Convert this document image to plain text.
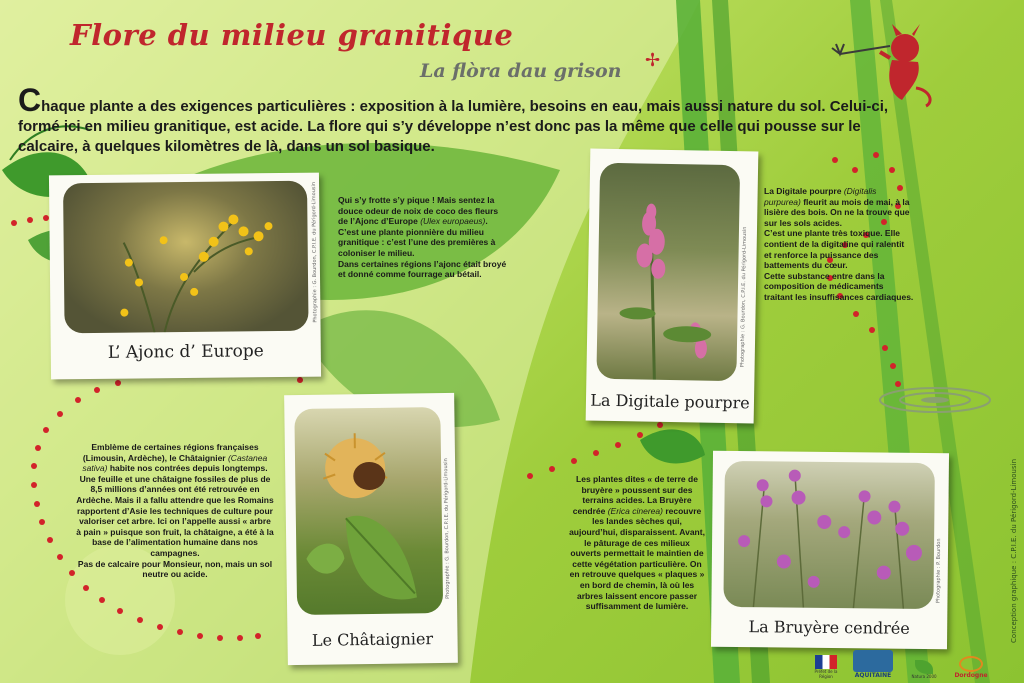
Flore du milieu granitique
La flòra dau grison ✢
Chaque plante a des exigences particulières : exposition à la lumière, besoins en eau, mais aussi nature du sol. Celui-ci, formé ici en milieu granitique, est acide. La flore qui s’y développe n’est donc pas la même que celle qui pousse sur le calcaire, à quelques kilomètres de là, dans un sol basique.
Photographie : G. Bourdon, C.P.I.E. du Périgord-Limousin
L’ Ajonc d’ Europe
Qui s’y frotte s’y pique ! Mais sentez la douce odeur de noix de coco des fleurs de l’Ajonc d’Europe (Ulex europaeus).
C’est une plante pionnière du milieu granitique : c’est l’une des premières à coloniser le milieu.
Dans certaines régions l’ajonc était broyé et donné comme fourrage au bétail.	Photographie : G. Bourdon, C.P.I.E. du Périgord-Limousin
La Digitale pourpre
La Digitale pourpre (Digitalis purpurea) fleurit au mois de mai, à la lisière des bois. On ne la trouve que sur les sols acides.
C’est une plante très toxique. Elle contient de la digitaline qui ralentit et renforce la puissance des battements du cœur.
Cette substance entre dans la composition de médicaments traitant les insuffisances cardiaques.
Photographie : G. Bourdon, C.P.I.E. du Périgord-Limousin
Le Châtaignier
Emblème de certaines régions françaises (Limousin, Ardèche), le Châtaignier (Castanea sativa) habite nos contrées depuis longtemps. Une feuille et une châtaigne fossiles de plus de 8,5 millions d’années ont été retrouvée en Ardèche. Mais il a fallu attendre que les Romains rapportent d’Asie les techniques de culture pour valoriser cet arbre. Ici on l’appelle aussi « arbre à pain » puisque son fruit, la châtaigne, a été à la base de l’alimentation humaine dans nos campagnes.
Pas de calcaire pour Monsieur, non, mais un sol neutre ou acide.	Photographie : P. Bourdon
La Bruyère cendrée
Les plantes dites « de terre de bruyère » poussent sur des terrains acides. La Bruyère cendrée (Erica cinerea) recouvre les landes sèches qui, aujourd’hui, disparaissent. Avant, le pâturage de ces milieux ouverts permettait le maintien de cette végétation particulière. On en retrouve quelques « plaques » en bord de chemin, là où les arbres laissent encore passer suffisamment de lumière.	Conception graphique : C.P.I.E. du Périgord-Limousin
Préfet de la Région	AQUITAINE	Natura 2000	Dordogne
